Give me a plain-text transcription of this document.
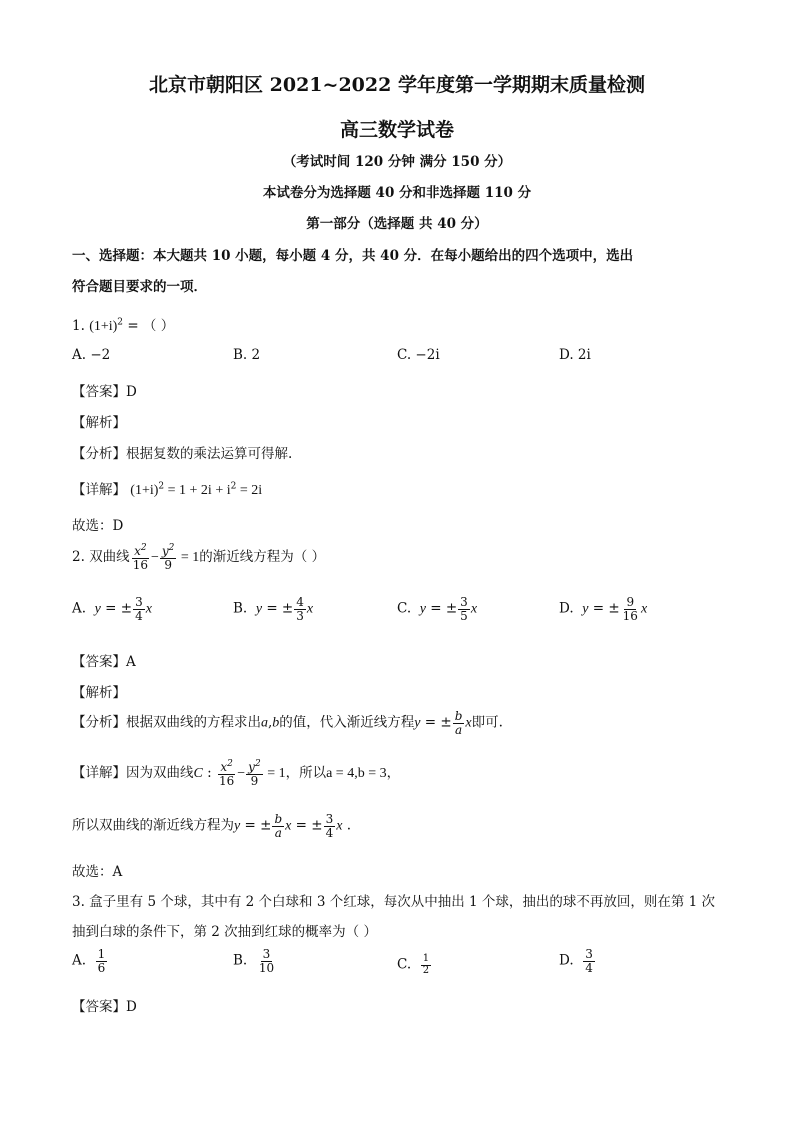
北京市朝阳区 2021~2022 学年度第一学期期末质量检测
高三数学试卷
（考试时间 120 分钟 满分 150 分）
本试卷分为选择题 40 分和非选择题 110 分
第一部分（选择题 共 40 分）
一、选择题：本大题共 10 小题，每小题 4 分，共 40 分．在每小题给出的四个选项中，选出
符合题目要求的一项．
1. $(1+i)^2$ = （ ）
A. −2	B. 2	C. −2i	D. 2i
【答案】D
【解析】
【分析】根据复数的乘法运算可得解.
【详解】 $(1+i)^2 = 1 + 2i + i^2 = 2i$
故选：D
2. 双曲线 $\frac{x^2}{16} - \frac{y^2}{9} = 1$的渐近线方程为（ ）
A. y = ± $\frac{3}{4}$ x	B. y = ± $\frac{4}{3}$ x	C. y = ± $\frac{3}{5}$ x	D. y = ± $\frac{9}{16}$ x
【答案】A
【解析】
【分析】根据双曲线的方程求出a,b的值，代入渐近线方程y = ± $\frac{b}{a}$ x即可.
【详解】因为双曲线C : $\frac{x^2}{16} - \frac{y^2}{9} = 1$，所以a = 4,b = 3，
所以双曲线的渐近线方程为y = ± $\frac{b}{a}$ x = ± $\frac{3}{4}$ x .
故选：A
3. 盒子里有 5 个球，其中有 2 个白球和 3 个红球，每次从中抽出 1 个球，抽出的球不再放回，则在第 1 次
抽到白球的条件下，第 2 次抽到红球的概率为（ ）
A. $\frac{1}{6}$	B. $\frac{3}{10}$	C. $\frac{1}{2}$	D. $\frac{3}{4}$
【答案】D
